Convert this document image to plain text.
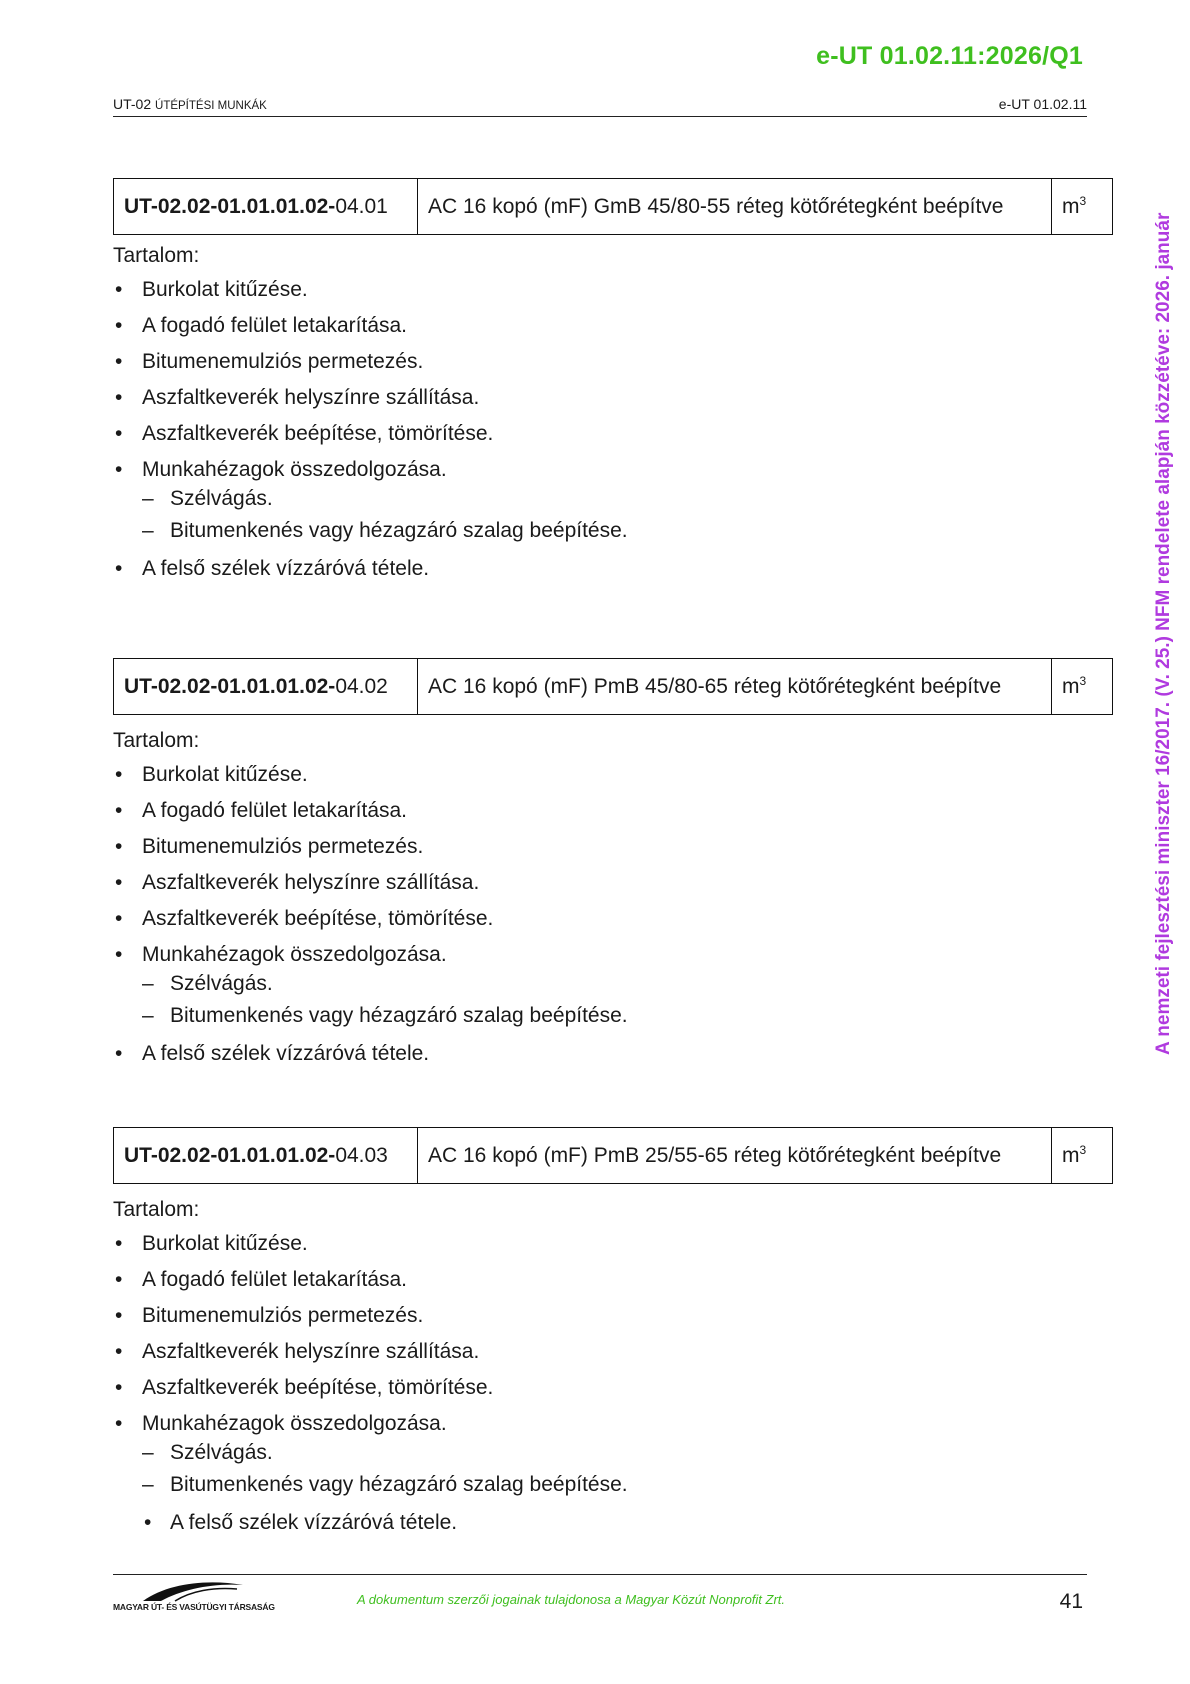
e-UT 01.02.11:2026/Q1
UT-02 ÚTÉPÍTÉSI MUNKÁK	e-UT 01.02.11
A nemzeti fejlesztési miniszter 16/2017. (V. 25.) NFM rendelete alapján közzétéve: 2026. január
UT-02.02-01.01.01.02-04.01	AC 16 kopó (mF) GmB 45/80-55 réteg kötőrétegként beépítve	$m^3$
Tartalom:
• Burkolat kitűzése.
• A fogadó felület letakarítása.
• Bitumenemulziós permetezés.
• Aszfaltkeverék helyszínre szállítása.
• Aszfaltkeverék beépítése, tömörítése.
• Munkahézagok összedolgozása.
– Szélvágás.
– Bitumenkenés vagy hézagzáró szalag beépítése.
• A felső szélek vízzáróvá tétele.
UT-02.02-01.01.01.02-04.02	AC 16 kopó (mF) PmB 45/80-65 réteg kötőrétegként beépítve	$m^3$
Tartalom:
• Burkolat kitűzése.
• A fogadó felület letakarítása.
• Bitumenemulziós permetezés.
• Aszfaltkeverék helyszínre szállítása.
• Aszfaltkeverék beépítése, tömörítése.
• Munkahézagok összedolgozása.
– Szélvágás.
– Bitumenkenés vagy hézagzáró szalag beépítése.
• A felső szélek vízzáróvá tétele.
UT-02.02-01.01.01.02-04.03	AC 16 kopó (mF) PmB 25/55-65 réteg kötőrétegként beépítve	$m^3$
Tartalom:
• Burkolat kitűzése.
• A fogadó felület letakarítása.
• Bitumenemulziós permetezés.
• Aszfaltkeverék helyszínre szállítása.
• Aszfaltkeverék beépítése, tömörítése.
• Munkahézagok összedolgozása.
– Szélvágás.
– Bitumenkenés vagy hézagzáró szalag beépítése.
• A felső szélek vízzáróvá tétele.
MAGYAR ÚT- ÉS VASÚTÜGYI TÁRSASÁG	A dokumentum szerzői jogainak tulajdonosa a Magyar Közút Nonprofit Zrt.	41
